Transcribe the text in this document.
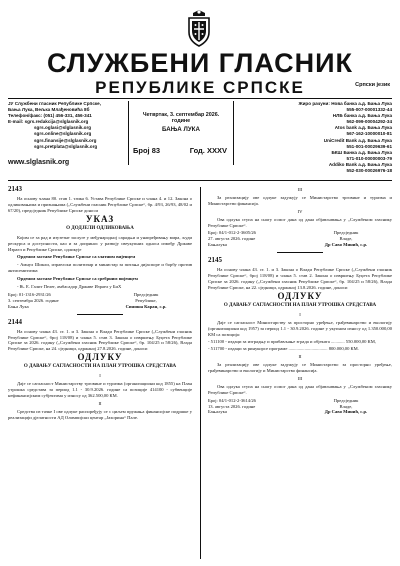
СЛУЖБЕНИ ГЛАСНИК
РЕПУБЛИКЕ СРПСКЕ	Српски језик
ЈУ Службени гласник Републике Српске,
Бања Лука, Вељка Млађеновића 8б
Телефон/факс: (051) 456-331, 456-341
E-mail: sgrs.redakcija@slglasnik.org
sgrs.oglasi@slglasnik.org
sgrs.online@slglasnik.org
sgrs.finansije@slglasnik.org
sgrs.pretplata@slglasnik.org
www.slglasnik.org
Четвртак, 3. септембар 2026. године
БАЊА ЛУКА
Број 83	Год. XXXV
Жиро рачуни: Нова банка а.д. Бања Лука
555-007-00001332-44
НЛБ банка а.д. Бања Лука
562-099-00004292-34
Atos bank а.д. Бања Лука
567-162-10000010-81
UniCredit Bank а.д. Бања Лука
551-001-00029639-61
БКШ Банка а.д. Бања Лука
571-010-00000003-79
Addiko Bank а.д. Бања Лука
552-030-00026976-18
2143

На основу члана 80. став 1. тачка 6. Устава Републике Српске и члана 4. и 12. Закона о одликовањима и признањима („Службени гласник Републике Српске“, бр. 4/93, 26/93, 48/02 и 67/20), предсједник Републике Српске доноси

УКАЗ
О ДОДЈЕЛИ ОДЛИКОВАЊА

Којим се за рад и изузетне заслуге у међународној сарадњи и унапређивању мира, људи рескурса и доступности, као и за допринос у развоју свеукупних односа између Државе Израел и Републике Српске, одликује

Орденом заставе Републике Српске са златним вијенцем

- Амнул Шикли, израелски политичар и министар за питања дијаспоре и борбу против антисемитизма

Орденом заставе Републике Српске са сребрним вијенцем

- Њ. Е. Галит Пелег, амбасадор Државе Израел у БиХ

Број: 01-1316-2931/26
3. септембра 2026. године
Бања Лука
Предсједник
Републике,
Синиша Каран, с.р.
2144

На основу члана 43. ст. 1. и 3. Закона о Влади Републике Српске („Службени гласник Републике Српске“, број 118/08) и члана 5. став 3. Закона о извршењу Буџета Републике Српске за 2026. годину („Службени гласник Републике Српске“, бр. 104/25 и 58/26), Влада Републике Српске, на 24. сједници, одржаној 27.8.2026. године, доноси

ОДЛУКУ
О ДАВАЊУ САГЛАСНОСТИ НА ПЛАН УТРОШКА СРЕДСТАВА
I

Даје се сагласност Министарству трговине и туризма (организациони код 1855) на План утрошка средстава за период 1.1 - 30.9.2026. године са позиције 414100 - субвенције нефинансијским субјектима у износу од 362.500,00 КМ.

II

Средства из тачке I ове одлуке распоређују се с циљем пружања финансијске подршке у реализацији дјелатности АД Олимпијски центар „Јахорина“ Пале.

III

За реализацију ове одлуке задужују се Министарство трговине и туризма и Министарство финансија.

IV

Ова одлука ступа на снагу осмог дана од дана објављивања у „Службеном гласнику Републике Српске“.

Број: 04/1-012-2-3605/26
27. августа 2026. године
Бањалука
Предсједник
Владе,
Др Саво Минић, с.р.
2145

На основу члана 43. ст. 1. и 3. Закона о Влади Републике Српске („Службени гласник Републике Српске“, број 118/08) и члана 5. став 2. Закона о извршењу Буџета Републике Српске за 2026. годину („Службени гласник Републике Српске“, бр. 104/25 и 58/26), Влада Републике Српске, на 22. сједници, одржаној 13.8.2026. године, доноси

ОДЛУКУ
О ДАВАЊУ САГЛАСНОСТИ НА ПЛАН УТРОШКА СРЕДСТАВА
I

Даје се сагласност Министарству за просторно уређење, грађевинарство и екологију (организациони код 1957) за период 1.1 - 30.9.2026. године у укупном износу од 1.350.000,00 КМ са позиција:

- 511100 - издаци за изградњу и прибављање зграда и објеката ............ 550.000,00 КМ,

- 511700 - издаци за ринукорсе програме .................................. 800.000,00 КМ.

II

За реализацију ове одлуке задужују се Министарство за просторно уређење, грађевинарство и екологију и Министарство финансија.

III

Ова одлука ступа на снагу осмог дана од дана објављивања у „Службеном гласнику Републике Српске“.

Број: 04/1-012-2-3614/26
13. августа 2026. године
Бањалука
Предсједник
Владе,
Др Саво Минић, с.р.
